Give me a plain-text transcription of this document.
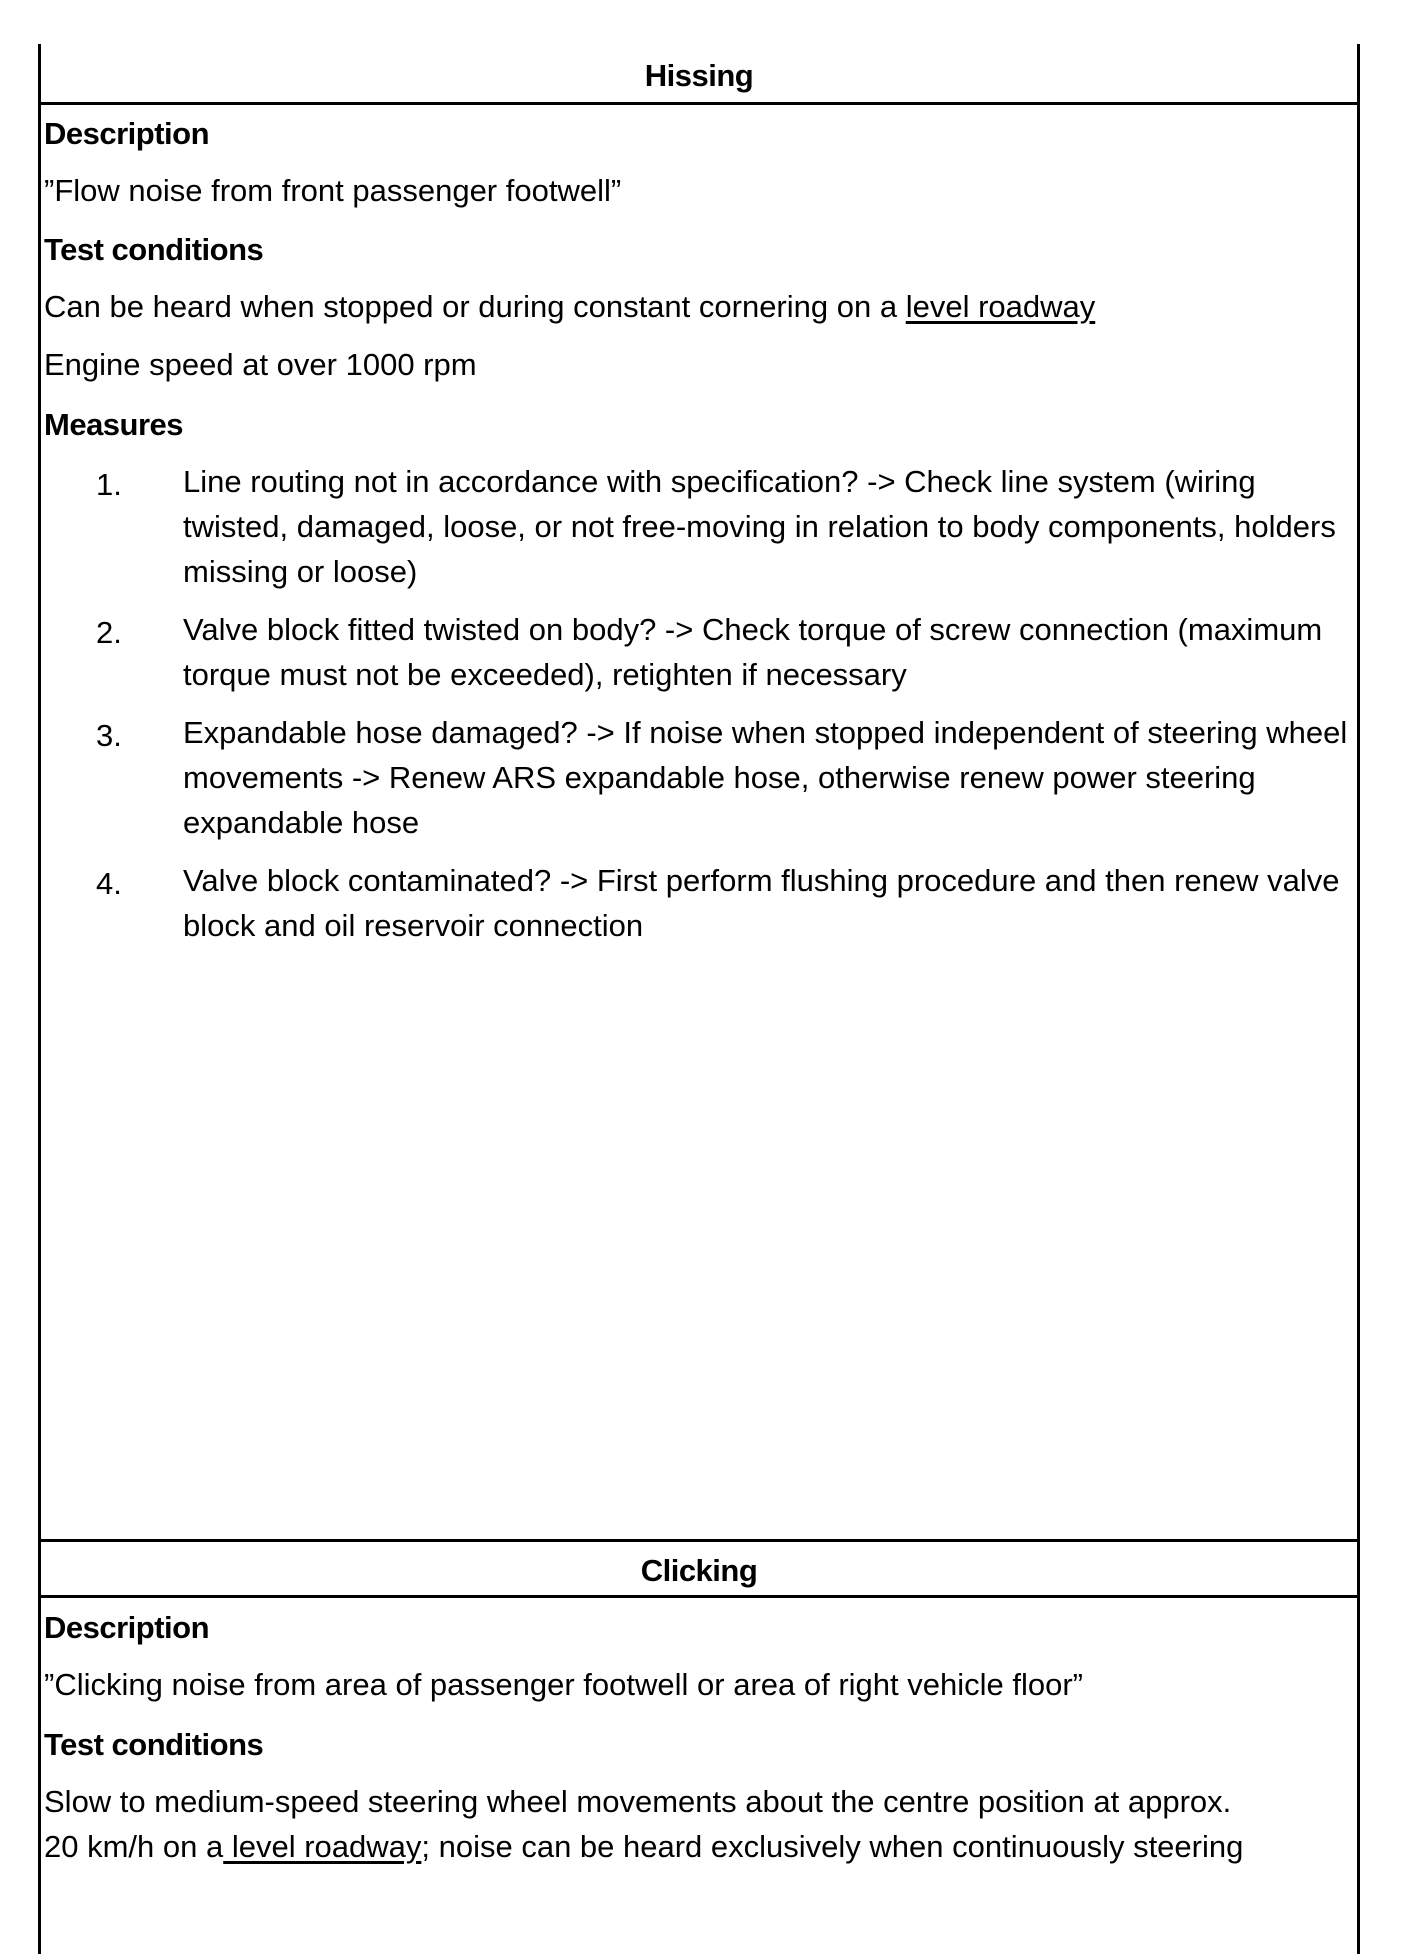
Hissing
Description
”Flow noise from front passenger footwell”
Test conditions
Can be heard when stopped or during constant cornering on a level roadway
Engine speed at over 1000 rpm
Measures
1. Line routing not in accordance with specification? -> Check line system (wiring twisted, damaged, loose, or not free-moving in relation to body components, holders missing or loose)
2. Valve block fitted twisted on body? -> Check torque of screw connection (maximum torque must not be exceeded), retighten if necessary
3. Expandable hose damaged? -> If noise when stopped independent of steering wheel movements -> Renew ARS expandable hose, otherwise renew power steering expandable hose
4. Valve block contaminated? -> First perform flushing procedure and then renew valve block and oil reservoir connection
Clicking
Description
”Clicking noise from area of passenger footwell or area of right vehicle floor”
Test conditions
Slow to medium-speed steering wheel movements about the centre position at approx.
20 km/h on a level roadway; noise can be heard exclusively when continuously steering
